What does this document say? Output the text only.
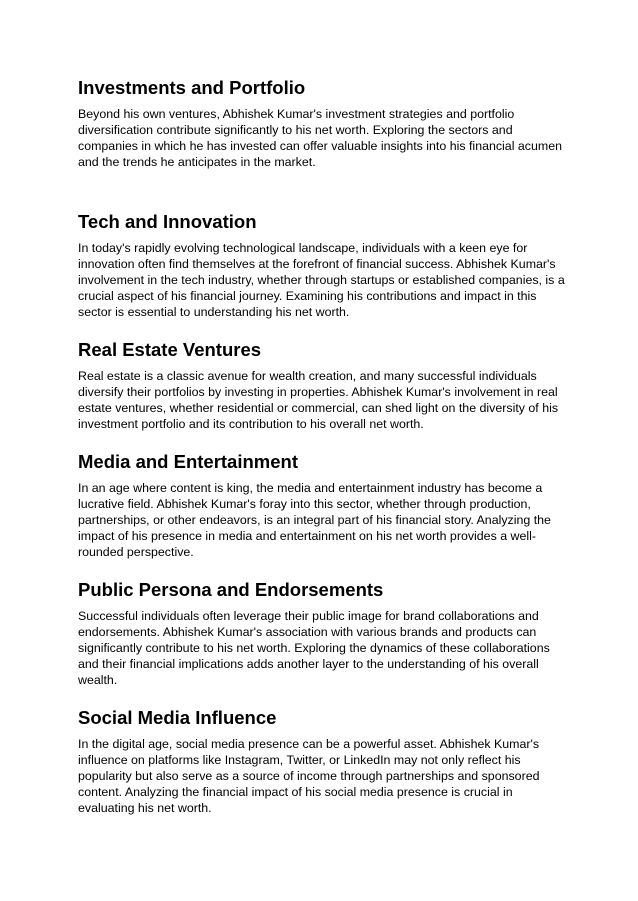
Investments and Portfolio

Beyond his own ventures, Abhishek Kumar's investment strategies and portfolio diversification contribute significantly to his net worth. Exploring the sectors and companies in which he has invested can offer valuable insights into his financial acumen and the trends he anticipates in the market.

Tech and Innovation

In today's rapidly evolving technological landscape, individuals with a keen eye for innovation often find themselves at the forefront of financial success. Abhishek Kumar's involvement in the tech industry, whether through startups or established companies, is a crucial aspect of his financial journey. Examining his contributions and impact in this sector is essential to understanding his net worth.

Real Estate Ventures

Real estate is a classic avenue for wealth creation, and many successful individuals diversify their portfolios by investing in properties. Abhishek Kumar's involvement in real estate ventures, whether residential or commercial, can shed light on the diversity of his investment portfolio and its contribution to his overall net worth.

Media and Entertainment

In an age where content is king, the media and entertainment industry has become a lucrative field. Abhishek Kumar's foray into this sector, whether through production, partnerships, or other endeavors, is an integral part of his financial story. Analyzing the impact of his presence in media and entertainment on his net worth provides a well-rounded perspective.

Public Persona and Endorsements

Successful individuals often leverage their public image for brand collaborations and endorsements. Abhishek Kumar's association with various brands and products can significantly contribute to his net worth. Exploring the dynamics of these collaborations and their financial implications adds another layer to the understanding of his overall wealth.

Social Media Influence

In the digital age, social media presence can be a powerful asset. Abhishek Kumar's influence on platforms like Instagram, Twitter, or LinkedIn may not only reflect his popularity but also serve as a source of income through partnerships and sponsored content. Analyzing the financial impact of his social media presence is crucial in evaluating his net worth.
